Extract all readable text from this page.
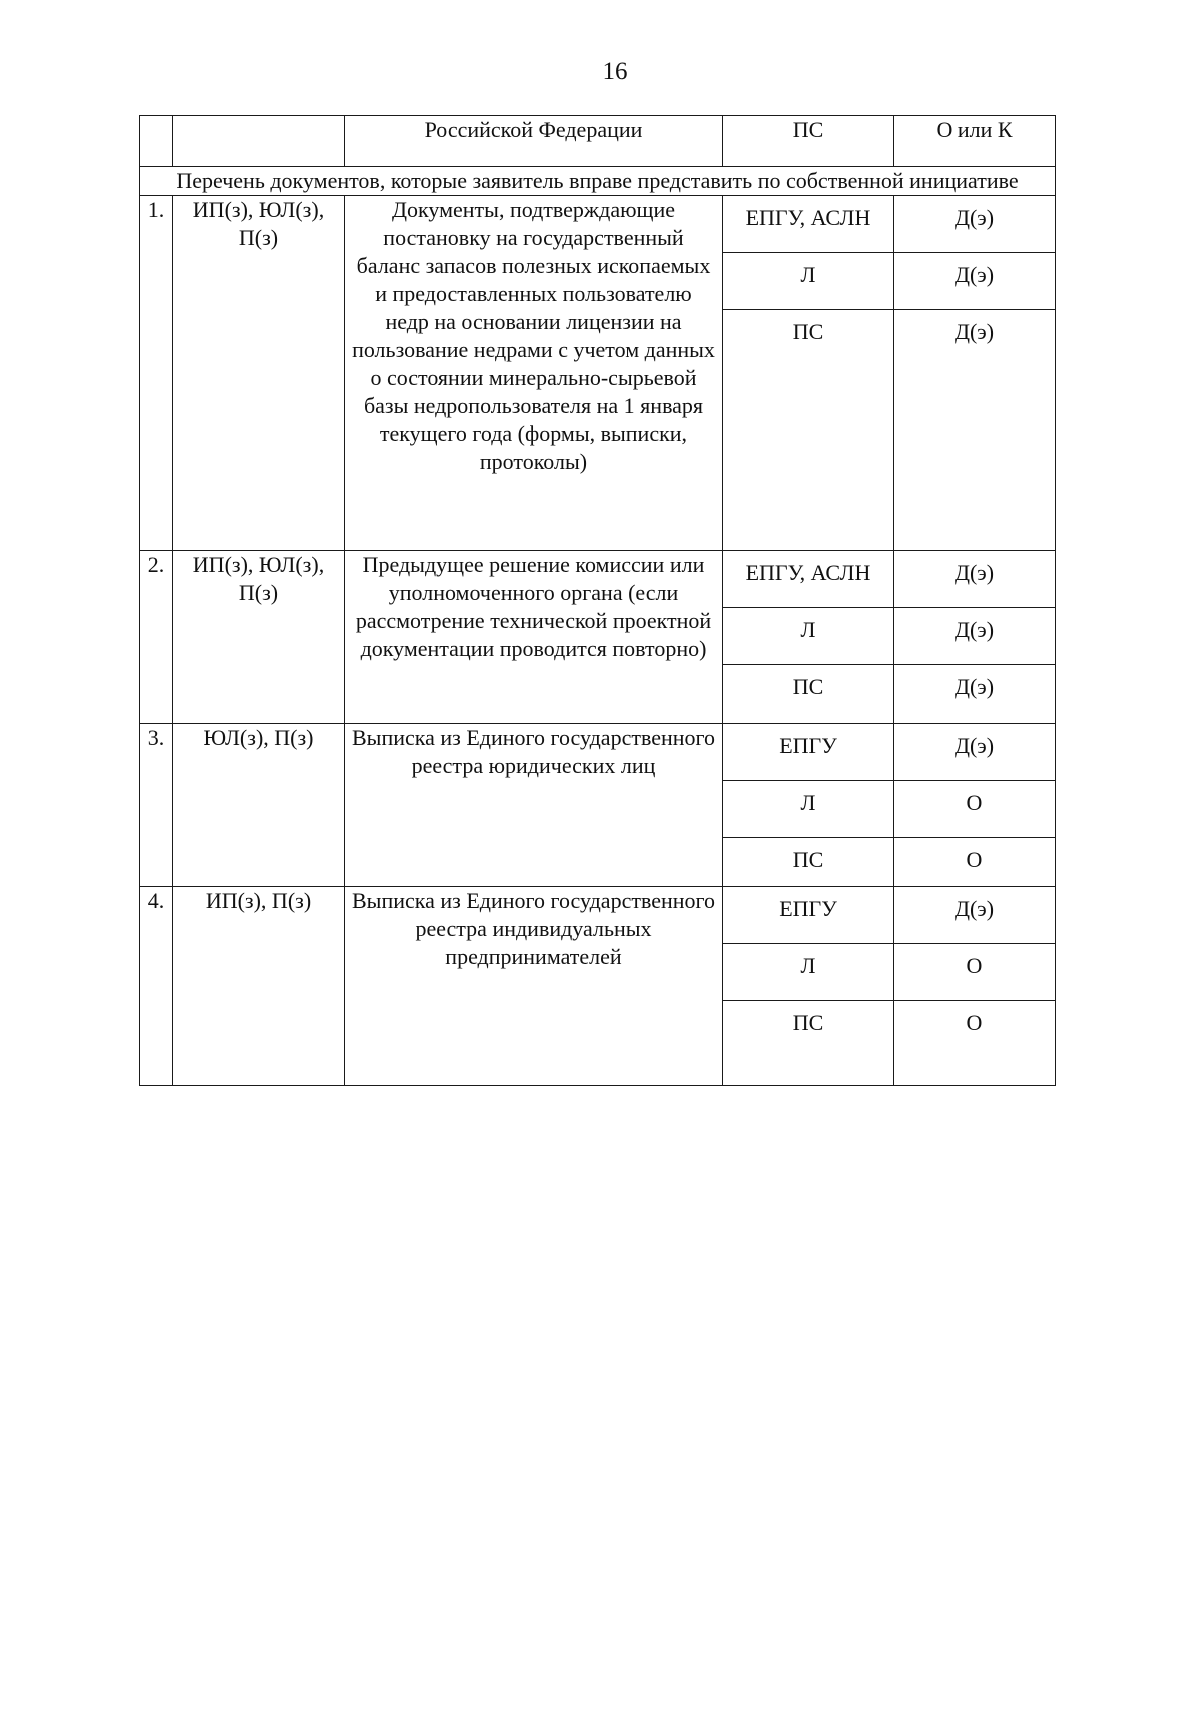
16
		Российской Федерации	ПС	О или К
Перечень документов, которые заявитель вправе представить по собственной инициативе				
1.	ИП(з), ЮЛ(з), П(з)	Документы, подтверждающие постановку на государственный баланс запасов полезных ископаемых и предоставленных пользователю недр на основании лицензии на пользование недрами с учетом данных о состоянии минерально-сырьевой базы недропользователя на 1 января текущего года (формы, выписки, протоколы)	ЕПГУ, АСЛН	Д(э)
			Л	Д(э)
			ПС	Д(э)
2.	ИП(з), ЮЛ(з), П(з)	Предыдущее решение комиссии или уполномоченного органа (если рассмотрение технической проектной документации проводится повторно)	ЕПГУ, АСЛН	Д(э)
			Л	Д(э)
			ПС	Д(э)
3.	ЮЛ(з), П(з)	Выписка из Единого государственного реестра юридических лиц	ЕПГУ	Д(э)
			Л	О
			ПС	О
4.	ИП(з), П(з)	Выписка из Единого государственного реестра индивидуальных предпринимателей	ЕПГУ	Д(э)
			Л	О
			ПС	О
